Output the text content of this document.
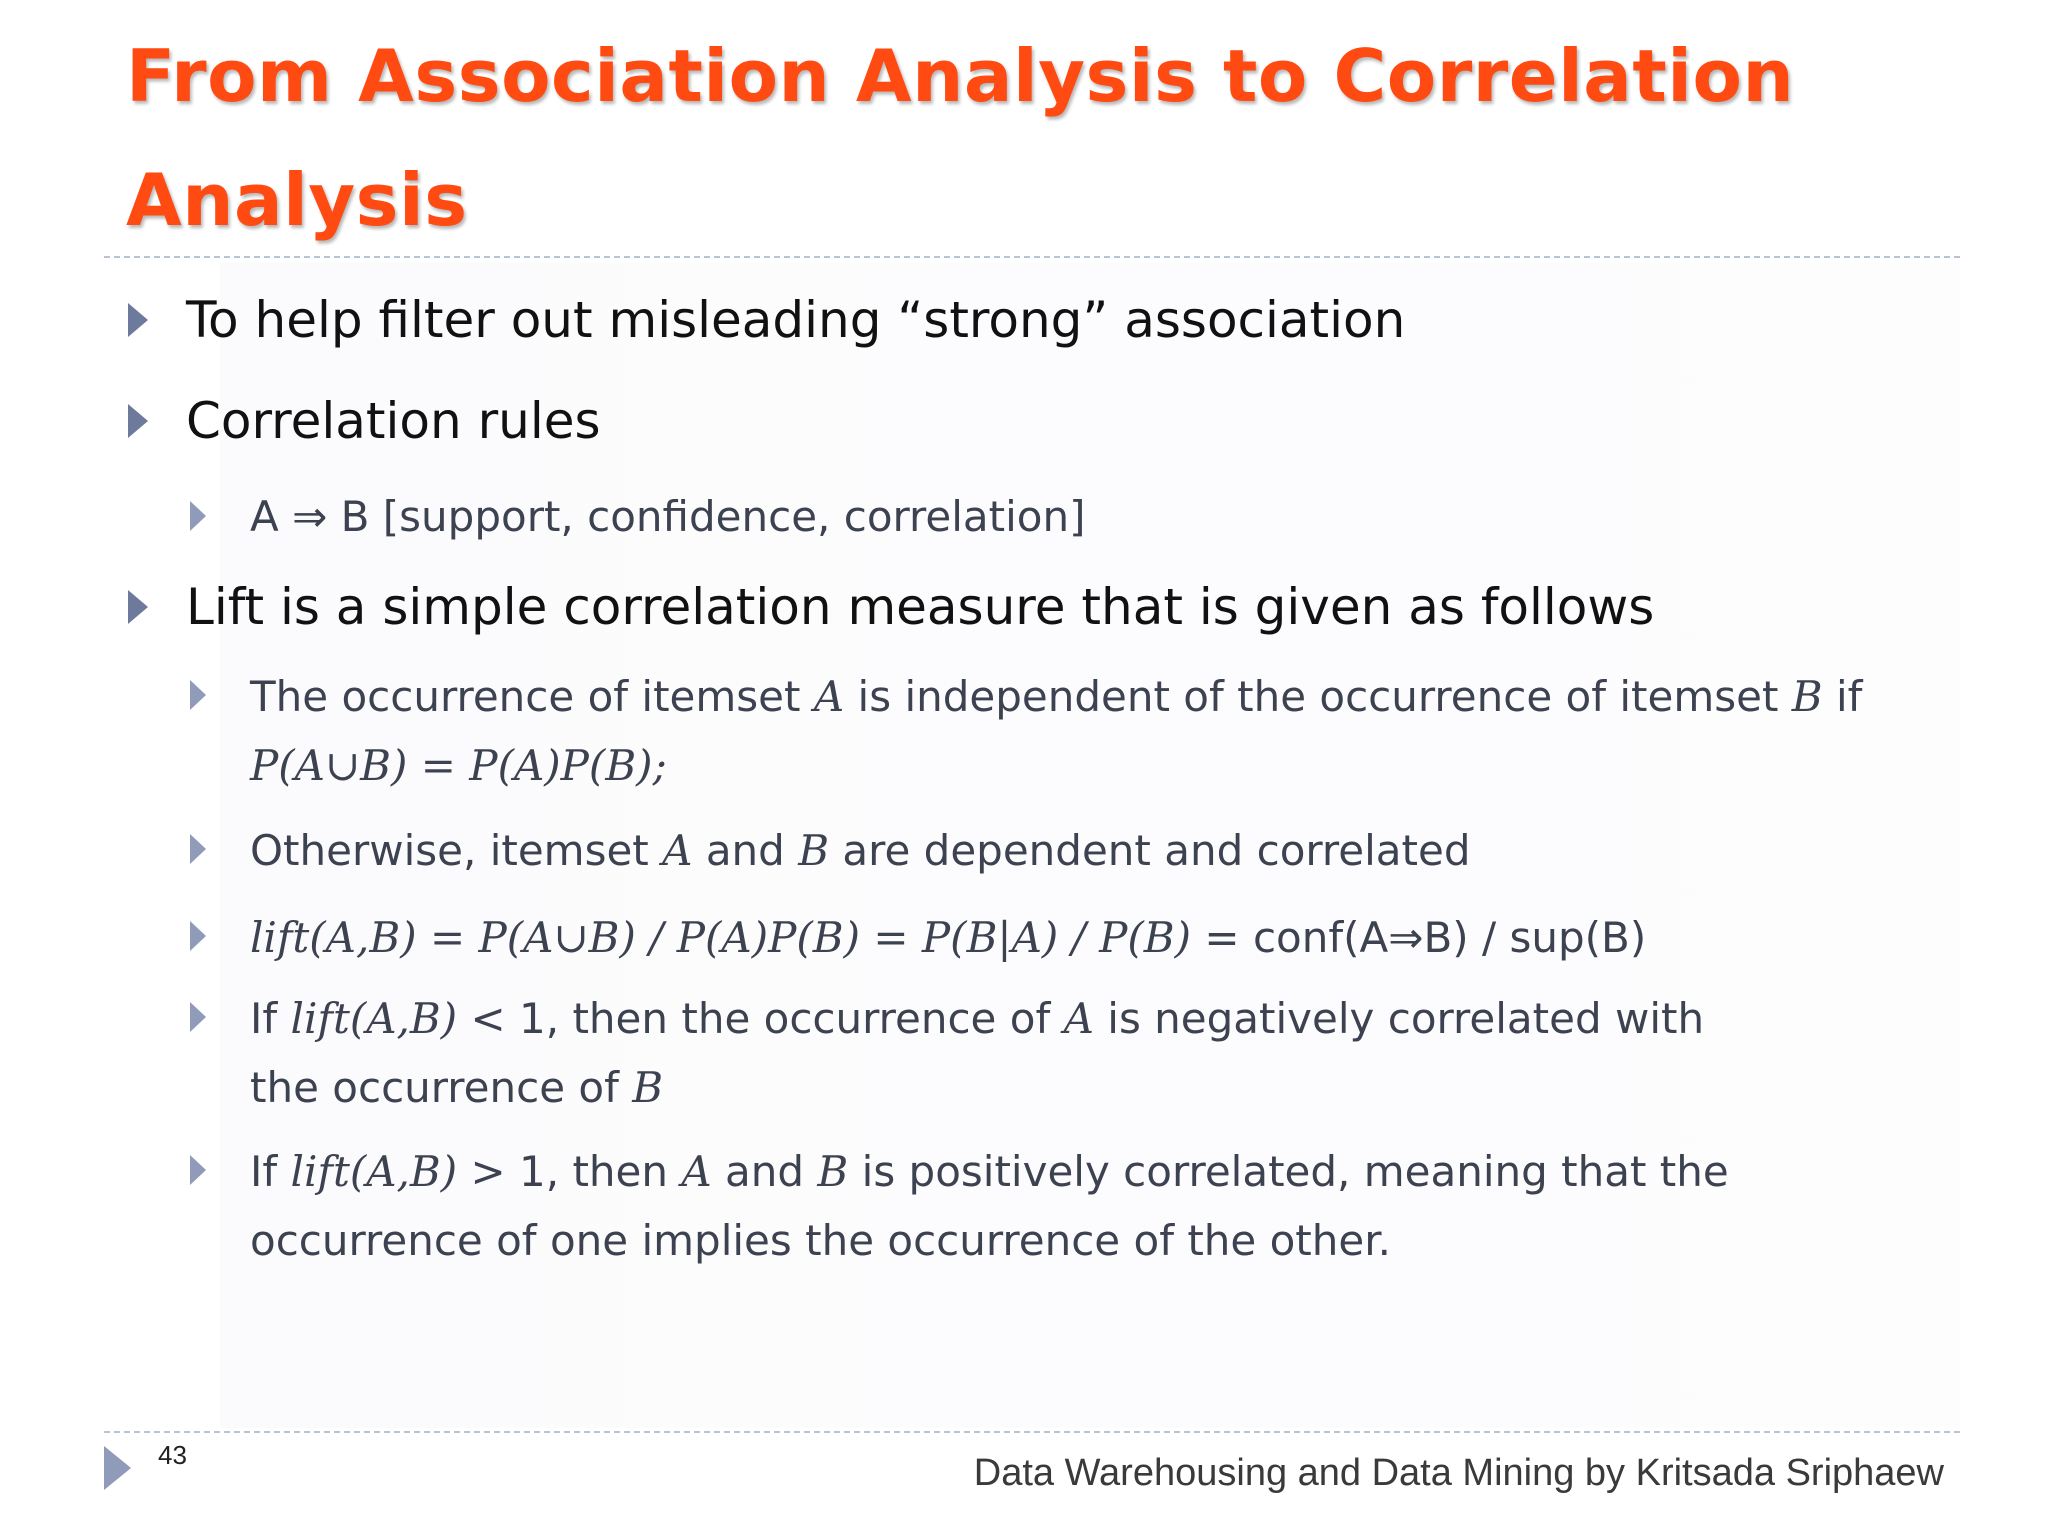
From Association Analysis to Correlation Analysis
To help filter out misleading “strong” association
Correlation rules
A ⇒ B [support, confidence, correlation]
Lift is a simple correlation measure that is given as follows
The occurrence of itemset A is independent of the occurrence of itemset B if
P(A∪B) = P(A)P(B);
Otherwise, itemset A and B are dependent and correlated
lift(A,B) = P(A∪B) / P(A)P(B) = P(B|A) / P(B) = conf(A⇒B) / sup(B)
If lift(A,B) < 1, then the occurrence of A is negatively correlated with the occurrence of B
If lift(A,B) > 1, then A and B is positively correlated, meaning that the occurrence of one implies the occurrence of the other.
43	Data Warehousing and Data Mining by Kritsada Sriphaew
